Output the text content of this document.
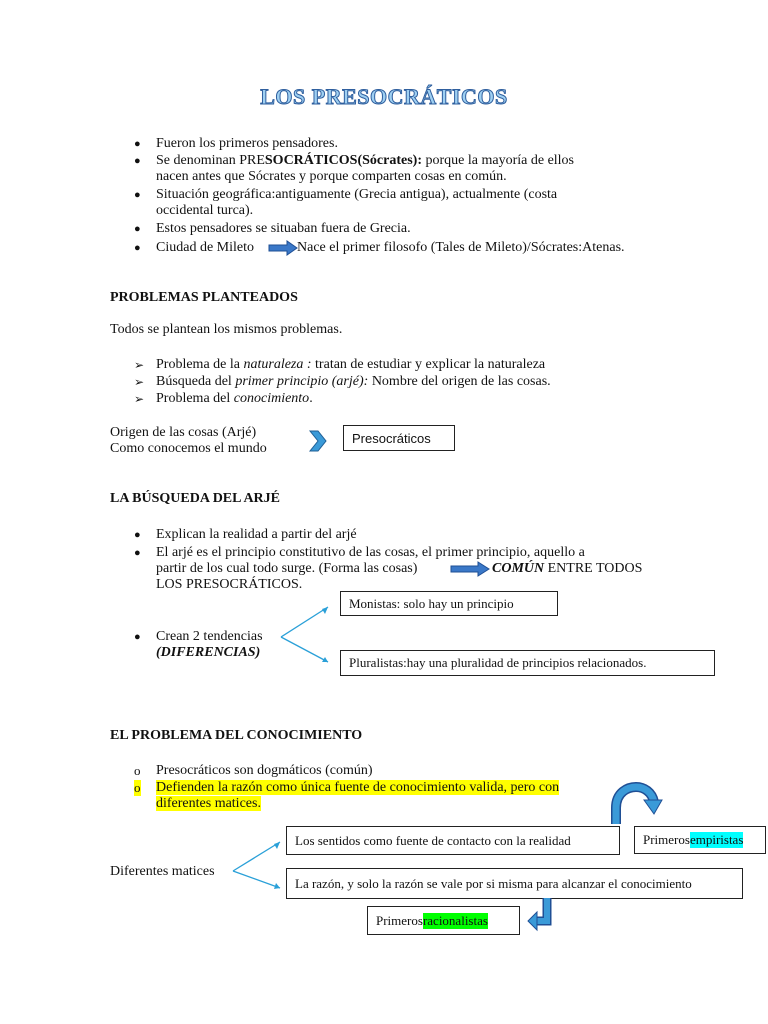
LOS PRESOCRÁTICOS
● Fueron los primeros pensadores.
● Se denominan PRESOCRÁTICOS(Sócrates): porque la mayoría de ellos
nacen antes que Sócrates y porque comparten cosas en común.
● Situación geográfica:antiguamente (Grecia antigua), actualmente (costa
occidental turca).
● Estos pensadores se situaban fuera de Grecia.
● Ciudad de Mileto	Nace el primer filosofo (Tales de Mileto)/Sócrates:Atenas.
PROBLEMAS PLANTEADOS
Todos se plantean los mismos problemas.
➢ Problema de la naturaleza : tratan de estudiar y explicar la naturaleza
➢ Búsqueda del primer principio (arjé): Nombre del origen de las cosas.
➢ Problema del conocimiento.
Origen de las cosas (Arjé)
Como conocemos el mundo
Presocráticos
LA BÚSQUEDA DEL ARJÉ
● Explican la realidad a partir del arjé
● El arjé es el principio constitutivo de las cosas, el primer principio, aquello a
partir de los cual todo surge. (Forma las cosas)	COMÚN ENTRE TODOS
LOS PRESOCRÁTICOS.
Monistas: solo hay un principio
● Crean 2 tendencias
(DIFERENCIAS)
Pluralistas:hay una pluralidad de principios relacionados.
EL PROBLEMA DEL CONOCIMIENTO
o Presocráticos son dogmáticos (común)
o Defienden la razón como única fuente de conocimiento valida, pero con
diferentes matices.
Los sentidos como fuente de contacto con la realidad	Primeros empiristas
Diferentes matices
La razón, y solo la razón se vale por si misma para alcanzar el conocimiento
Primeros racionalistas
